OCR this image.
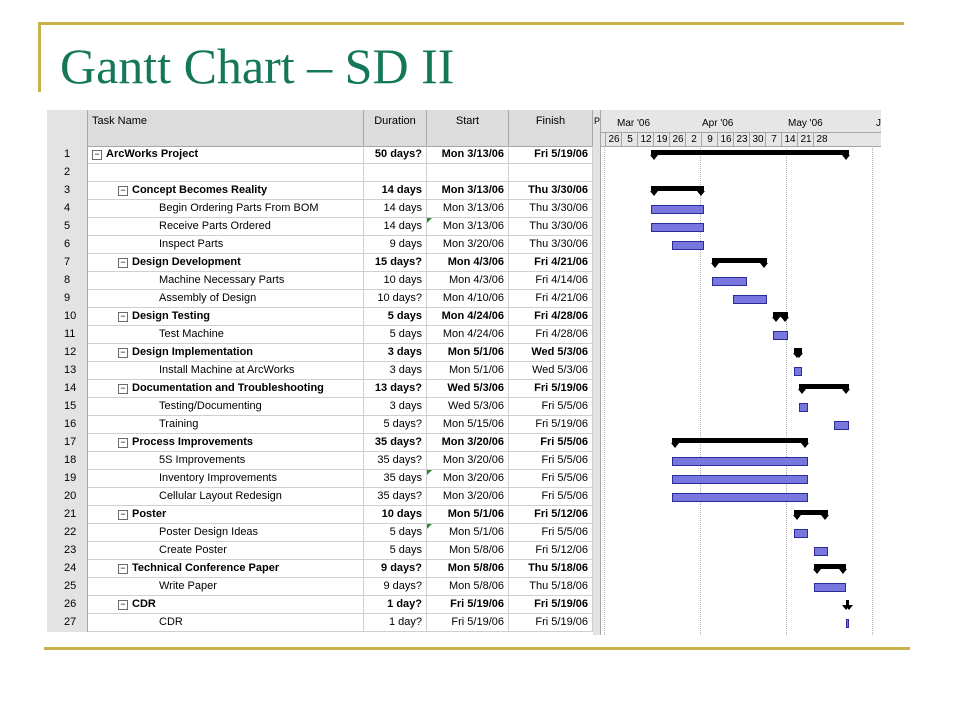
Gantt Chart – SD II
Task Name	Duration	Start	Finish
1	− ArcWorks Project	50 days?	Mon 3/13/06	Fri 5/19/06
2
3	− Concept Becomes Reality	14 days	Mon 3/13/06	Thu 3/30/06
4	Begin Ordering Parts From BOM	14 days	Mon 3/13/06	Thu 3/30/06
5	Receive Parts Ordered	14 days	Mon 3/13/06	Thu 3/30/06
6	Inspect Parts	9 days	Mon 3/20/06	Thu 3/30/06
7	− Design Development	15 days?	Mon 4/3/06	Fri 4/21/06
8	Machine Necessary Parts	10 days	Mon 4/3/06	Fri 4/14/06
9	Assembly of Design	10 days?	Mon 4/10/06	Fri 4/21/06
10	− Design Testing	5 days	Mon 4/24/06	Fri 4/28/06
11	Test Machine	5 days	Mon 4/24/06	Fri 4/28/06
12	− Design Implementation	3 days	Mon 5/1/06	Wed 5/3/06
13	Install Machine at ArcWorks	3 days	Mon 5/1/06	Wed 5/3/06
14	− Documentation and Troubleshooting	13 days?	Wed 5/3/06	Fri 5/19/06
15	Testing/Documenting	3 days	Wed 5/3/06	Fri 5/5/06
16	Training	5 days?	Mon 5/15/06	Fri 5/19/06
17	− Process Improvements	35 days?	Mon 3/20/06	Fri 5/5/06
18	5S Improvements	35 days?	Mon 3/20/06	Fri 5/5/06
19	Inventory Improvements	35 days	Mon 3/20/06	Fri 5/5/06
20	Cellular Layout Redesign	35 days?	Mon 3/20/06	Fri 5/5/06
21	− Poster	10 days	Mon 5/1/06	Fri 5/12/06
22	Poster Design Ideas	5 days	Mon 5/1/06	Fri 5/5/06
23	Create Poster	5 days	Mon 5/8/06	Fri 5/12/06
24	− Technical Conference Paper	9 days?	Mon 5/8/06	Thu 5/18/06
25	Write Paper	9 days?	Mon 5/8/06	Thu 5/18/06
26	− CDR	1 day?	Fri 5/19/06	Fri 5/19/06
27	CDR	1 day?	Fri 5/19/06	Fri 5/19/06
P Mar '06	Apr '06	May '06	J
26 5 12 19 26 2	9 16 23 30 7 14 21 28
